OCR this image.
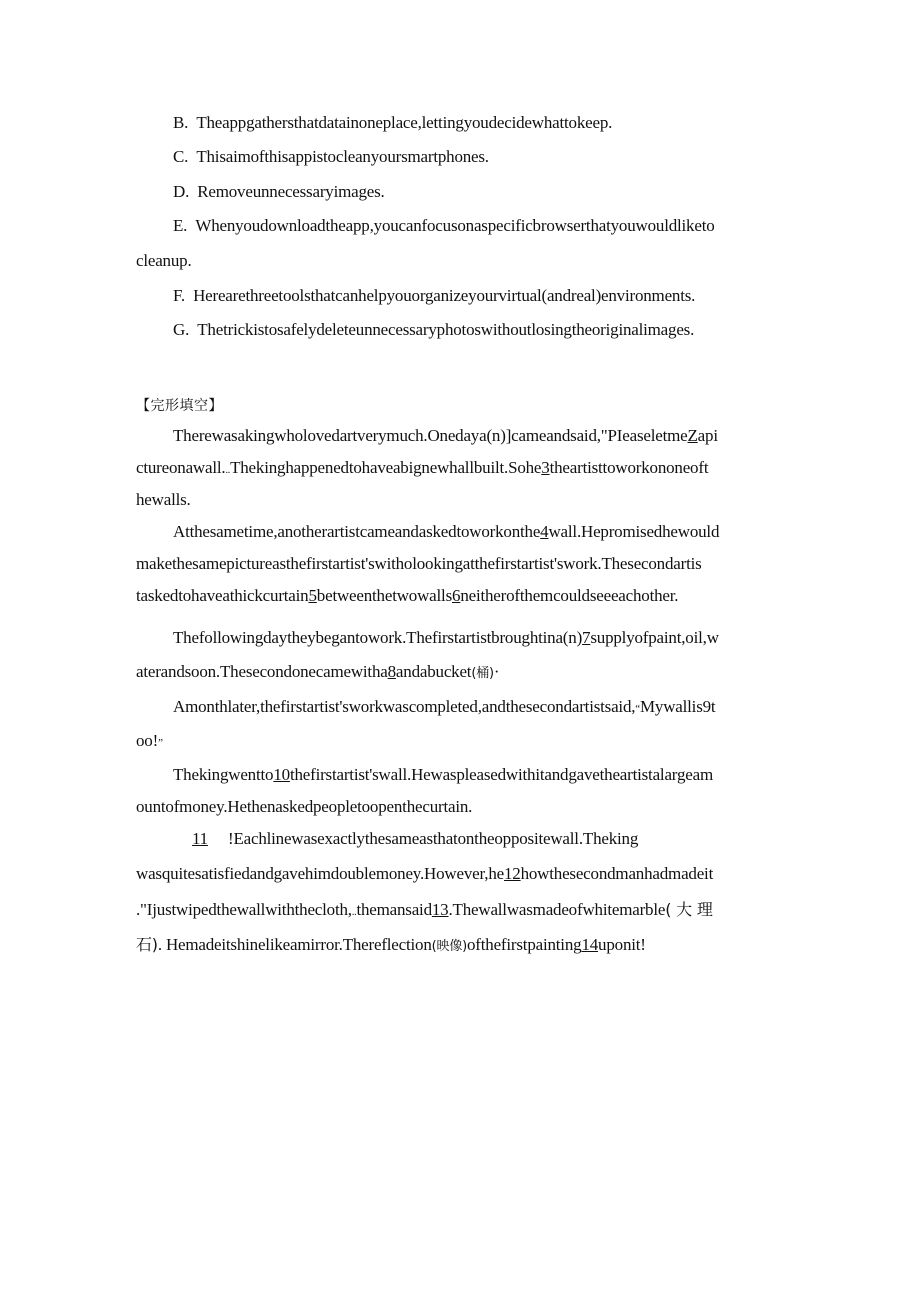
B. Theappgathersthatdatainoneplace,lettingyoudecidewhattokeep.
C. Thisaimofthisappistocleanyoursmartphones.
D. Removeunnecessaryimages.
E. Whenyoudownloadtheapp,youcanfocusonaspecificbrowserthatyouwouldliketo
cleanup.
F. Herearethreetoolsthatcanhelpyouorganizeyourvirtual(andreal)environments.
G. Thetrickistosafelydeleteunnecessaryphotoswithoutlosingtheoriginalimages.
【完形填空】
Therewasakingwholovedartverymuch.Onedaya(n)]cameandsaid,"PIeaseletmeZapi
ctureonawall...Thekinghappenedtohaveabignewhallbuilt.Sohe3theartisttoworkononeoft
hewalls.
Atthesametime,anotherartistcameandaskedtoworkonthe4wall.Hepromisedhewould
makethesamepictureasthefirstartist'switholookingatthefirstartist'swork.Thesecondartis
taskedtohaveathickcurtain5betweenthetwowalls6neitherofthemcouldseeeachother.
Thefollowingdaytheybegantowork.Thefirstartistbroughtina(n)7supplyofpaint,oil,w
aterandsoon.Thesecondonecamewitha8andabucket(桶)·
Amonthlater,thefirstartist'sworkwascompleted,andthesecondartistsaid,“Mywallis9t
oo!”
Thekingwentto10thefirstartist'swall.Hewaspleasedwithitandgavetheartistalargeam
ountofmoney.Hethenaskedpeopletoopenthecurtain.
11 !Eachlinewasexactlythesameasthatontheoppositewall.Theking
wasquitesatisfiedandgavehimdoublemoney.However,he12howthesecondmanhadmadeit
."Ijustwipedthewallwiththecloth,..themansaid13.Thewallwasmadeofwhitemarble( 大 理
石). Hemadeitshinelikeamirror.Thereflection(映像)ofthefirstpainting14uponit!
